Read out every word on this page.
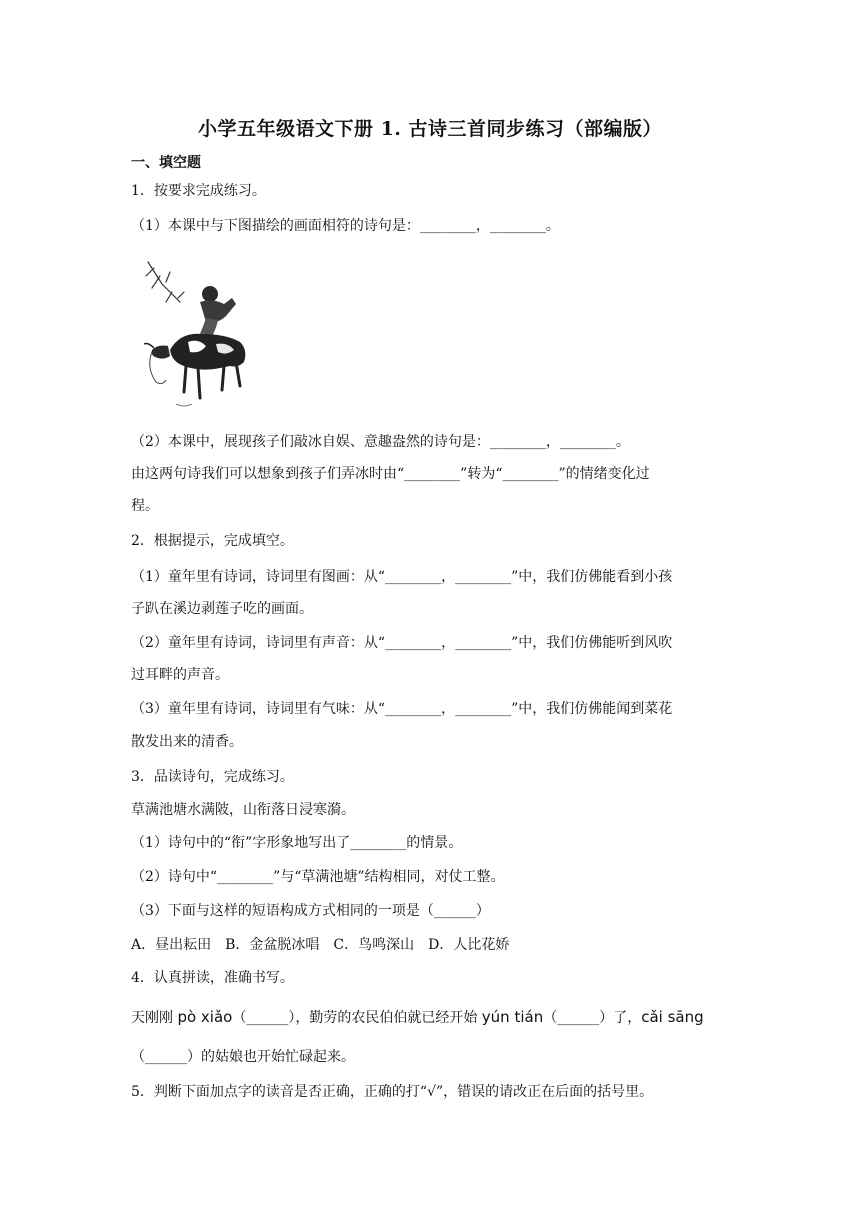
小学五年级语文下册 1. 古诗三首同步练习（部编版）
一、填空题
1．按要求完成练习。
（1）本课中与下图描绘的画面相符的诗句是：________，________。
（2）本课中，展现孩子们敲冰自娱、意趣盎然的诗句是：________，________。
由这两句诗我们可以想象到孩子们弄冰时由“________”转为“________”的情绪变化过
程。
2．根据提示，完成填空。
（1）童年里有诗词，诗词里有图画：从“________，________”中，我们仿佛能看到小孩
子趴在溪边剥莲子吃的画面。
（2）童年里有诗词，诗词里有声音：从“________，________”中，我们仿佛能听到风吹
过耳畔的声音。
（3）童年里有诗词，诗词里有气味：从“________，________”中，我们仿佛能闻到菜花
散发出来的清香。
3．品读诗句，完成练习。
草满池塘水满陂，山衔落日浸寒漪。
（1）诗句中的“衔”字形象地写出了________的情景。
（2）诗句中“________”与“草满池塘”结构相同，对仗工整。
（3）下面与这样的短语构成方式相同的一项是（______）
A．昼出耘田　B．金盆脱冰唱　C．鸟鸣深山　D．人比花娇
4．认真拼读，准确书写。
天刚刚 pò xiǎo（______），勤劳的农民伯伯就已经开始 yún tián（______）了，cǎi sāng
（______）的姑娘也开始忙碌起来。
5．判断下面加点字的读音是否正确，正确的打“√”，错误的请改正在后面的括号里。
